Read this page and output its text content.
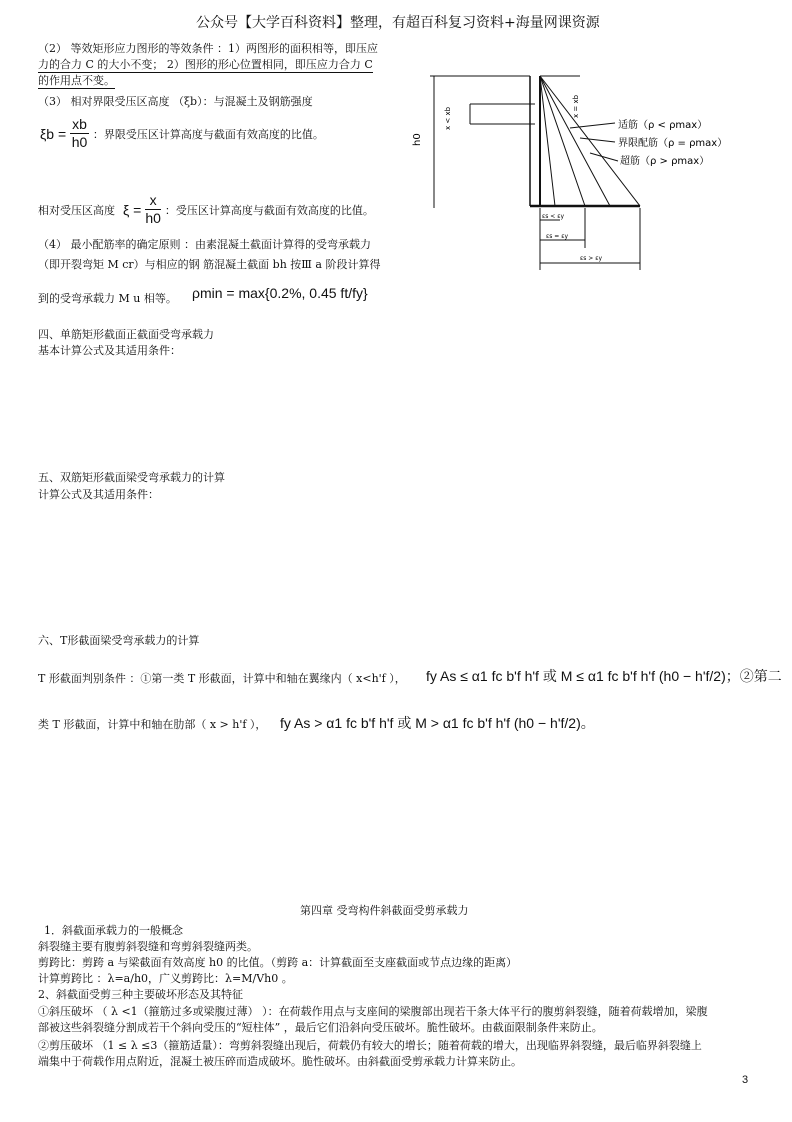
公众号【大学百科资料】整理，有超百科复习资料+海量网课资源
（2） 等效矩形应力图形的等效条件 ：1）两图形的面积相等，即压应
力的合力 C 的大小不变； 2）图形的形心位置相同，即压应力合力 C
的作用点不变。
（3） 相对界限受压区高度 （ξb）：与混凝土及钢筋强度
$\xi b = \frac{xb}{h0}$ ：界限受压区计算高度与截面有效高度的比值。
相对受压区高度 $\xi = \frac{x}{h0}$ ：受压区计算高度与截面有效高度的比值。
（4） 最小配筋率的确定原则 ：由素混凝土截面计算得的受弯承载力
（即开裂弯矩 M cr）与相应的钢 筋混凝土截面 bh 按Ⅲ a 阶段计算得
到的受弯承载力 M u 相等。 ρmin = max{0.2%, 0.45 ft/fy}
四、单筋矩形截面正截面受弯承载力
基本计算公式及其适用条件：
五、双筋矩形截面梁受弯承载力的计算
计算公式及其适用条件：
六、T形截面梁受弯承载力的计算
T 形截面判别条件 ：①第一类 T 形截面，计算中和轴在翼缘内（ x<h'f ）， fy As ≤ α1 fc b'f h'f 或 M ≤ α1 fc b'f h'f (h0 − h'f/2)；②第二
类 T 形截面，计算中和轴在肋部（ x > h'f ）， fy As > α1 fc b'f h'f 或 M > α1 fc b'f h'f (h0 − h'f/2)。
第四章 受弯构件斜截面受剪承载力
1．斜截面承载力的一般概念
斜裂缝主要有腹剪斜裂缝和弯剪斜裂缝两类。
剪跨比：剪跨 a 与梁截面有效高度 h0 的比值。（剪跨 a：计算截面至支座截面或节点边缘的距离）
计算剪跨比 ：λ=a/h0，广义剪跨比：λ=M/Vh0 。
2、斜截面受剪三种主要破坏形态及其特征
①斜压破坏 （ λ <1（箍筋过多或梁腹过薄） ）：在荷载作用点与支座间的梁腹部出现若干条大体平行的腹剪斜裂缝，随着荷载增加，梁腹
部被这些斜裂缝分割成若干个斜向受压的“短柱体” ，最后它们沿斜向受压破坏。脆性破坏。由截面限制条件来防止。
②剪压破坏 （1 ≤ λ ≤3（箍筋适量）：弯剪斜裂缝出现后，荷载仍有较大的增长；随着荷载的增大，出现临界斜裂缝，最后临界斜裂缝上
端集中于荷载作用点附近，混凝土被压碎而造成破坏。脆性破坏。由斜截面受剪承载力计算来防止。
3
h0
x < xb
x = xb
适筋（ρ < ρmax）
界限配筋（ρ = ρmax）
超筋（ρ > ρmax）
εs < εy
εs = εy
εs > εy
